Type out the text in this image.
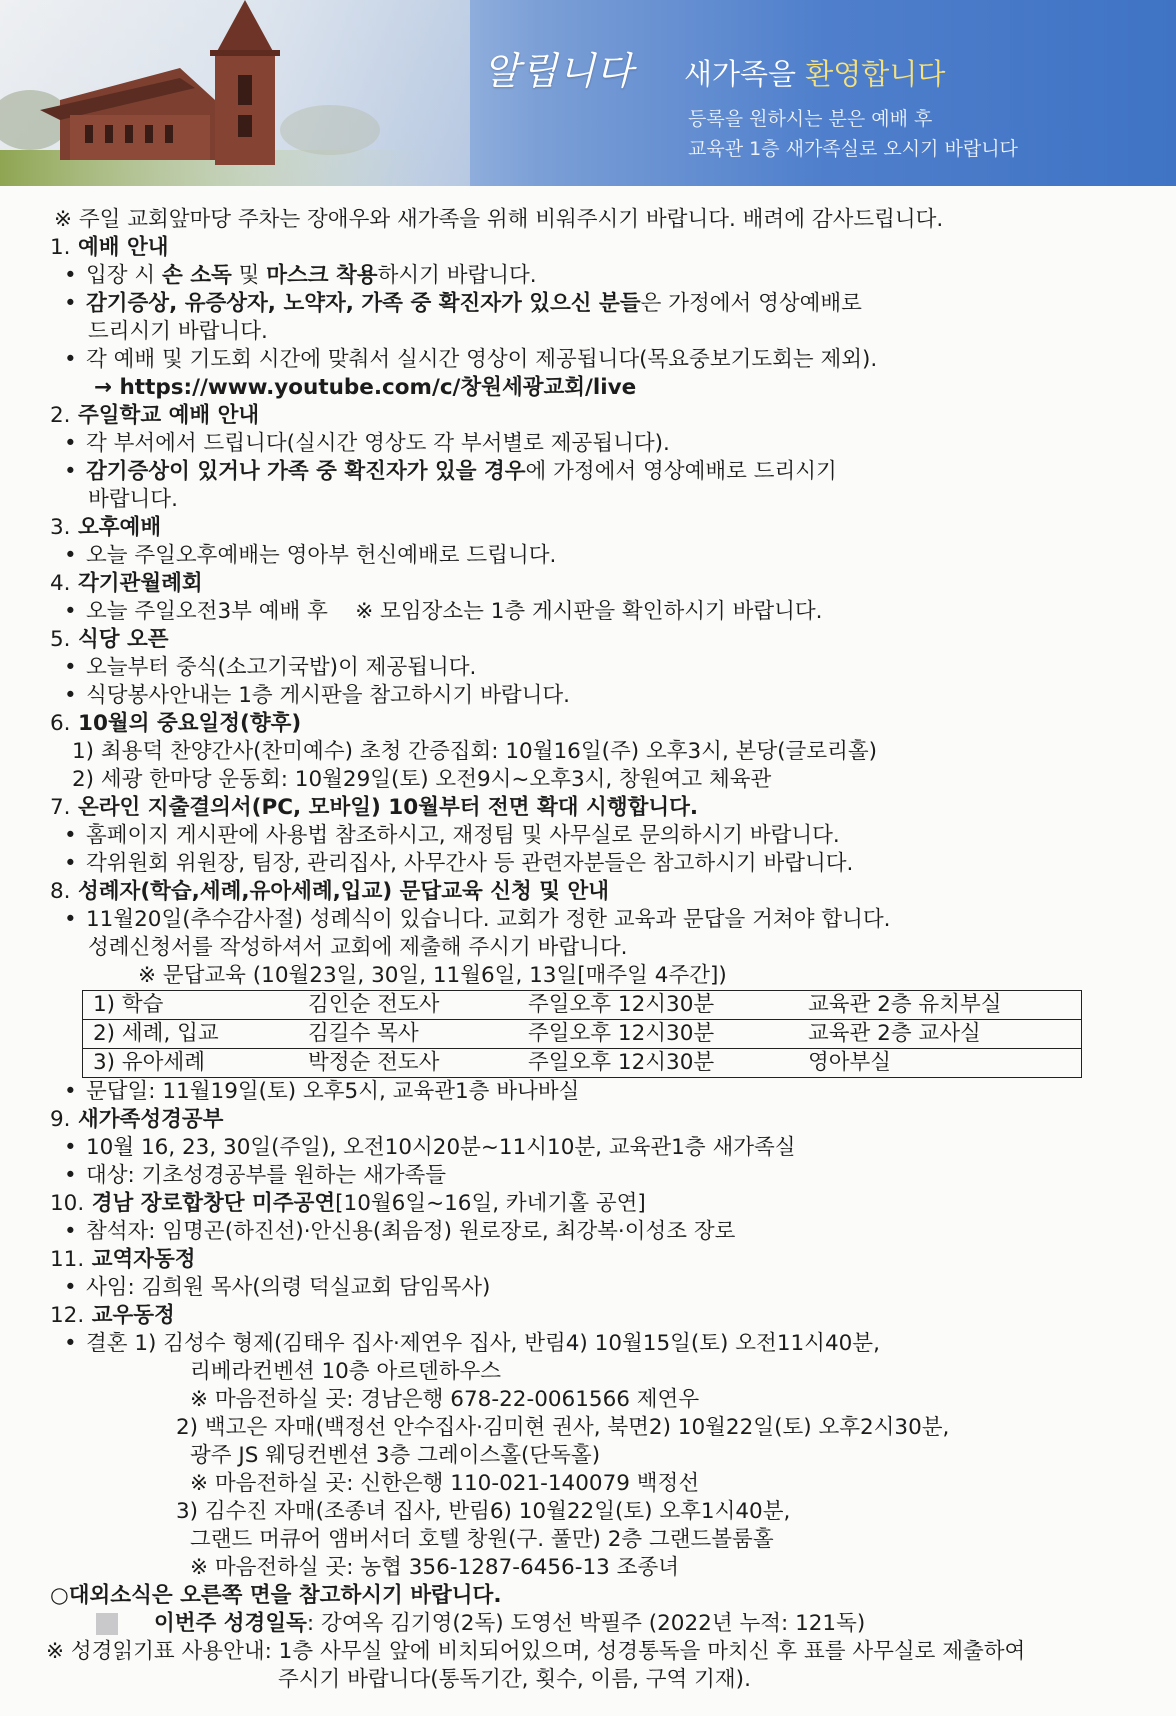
알립니다 새가족을 환영합니다
등록을 원하시는 분은 예배 후
교육관 1층 새가족실로 오시기 바랍니다
※ 주일 교회앞마당 주차는 장애우와 새가족을 위해 비워주시기 바랍니다. 배려에 감사드립니다.
1. 예배 안내
• 입장 시 손 소독 및 마스크 착용하시기 바랍니다.
• 감기증상, 유증상자, 노약자, 가족 중 확진자가 있으신 분들은 가정에서 영상예배로
드리시기 바랍니다.
• 각 예배 및 기도회 시간에 맞춰서 실시간 영상이 제공됩니다(목요중보기도회는 제외).
→ https://www.youtube.com/c/창원세광교회/live
2. 주일학교 예배 안내
• 각 부서에서 드립니다(실시간 영상도 각 부서별로 제공됩니다).
• 감기증상이 있거나 가족 중 확진자가 있을 경우에 가정에서 영상예배로 드리시기
바랍니다.
3. 오후예배
• 오늘 주일오후예배는 영아부 헌신예배로 드립니다.
4. 각기관월례회
• 오늘 주일오전3부 예배 후    ※ 모임장소는 1층 게시판을 확인하시기 바랍니다.
5. 식당 오픈
• 오늘부터 중식(소고기국밥)이 제공됩니다.
• 식당봉사안내는 1층 게시판을 참고하시기 바랍니다.
6. 10월의 중요일정(향후)
1) 최용덕 찬양간사(찬미예수) 초청 간증집회: 10월16일(주) 오후3시, 본당(글로리홀)
2) 세광 한마당 운동회: 10월29일(토) 오전9시~오후3시, 창원여고 체육관
7. 온라인 지출결의서(PC, 모바일) 10월부터 전면 확대 시행합니다.
• 홈페이지 게시판에 사용법 참조하시고, 재정팀 및 사무실로 문의하시기 바랍니다.
• 각위원회 위원장, 팀장, 관리집사, 사무간사 등 관련자분들은 참고하시기 바랍니다.
8. 성례자(학습,세례,유아세례,입교) 문답교육 신청 및 안내
• 11월20일(추수감사절) 성례식이 있습니다. 교회가 정한 교육과 문답을 거쳐야 합니다.
성례신청서를 작성하셔서 교회에 제출해 주시기 바랍니다.
※ 문답교육 (10월23일, 30일, 11월6일, 13일[매주일 4주간])
1) 학습	김인순 전도사	주일오후 12시30분	교육관 2층 유치부실
2) 세례, 입교	김길수 목사	주일오후 12시30분	교육관 2층 교사실
3) 유아세례	박정순 전도사	주일오후 12시30분	영아부실
• 문답일: 11월19일(토) 오후5시, 교육관1층 바나바실
9. 새가족성경공부
• 10월 16, 23, 30일(주일), 오전10시20분~11시10분, 교육관1층 새가족실
• 대상: 기초성경공부를 원하는 새가족들
10. 경남 장로합창단 미주공연[10월6일~16일, 카네기홀 공연]
• 참석자: 임명곤(하진선)·안신용(최음정) 원로장로, 최강복·이성조 장로
11. 교역자동정
• 사임: 김희원 목사(의령 덕실교회 담임목사)
12. 교우동정
• 결혼 1) 김성수 형제(김태우 집사·제연우 집사, 반림4) 10월15일(토) 오전11시40분,
리베라컨벤션 10층 아르덴하우스
※ 마음전하실 곳: 경남은행 678-22-0061566 제연우
2) 백고은 자매(백정선 안수집사·김미현 권사, 북면2) 10월22일(토) 오후2시30분,
광주 JS 웨딩컨벤션 3층 그레이스홀(단독홀)
※ 마음전하실 곳: 신한은행 110-021-140079 백정선
3) 김수진 자매(조종녀 집사, 반림6) 10월22일(토) 오후1시40분,
그랜드 머큐어 앰버서더 호텔 창원(구. 풀만) 2층 그랜드볼룸홀
※ 마음전하실 곳: 농협 356-1287-6456-13 조종녀
○대외소식은 오른쪽 면을 참고하시기 바랍니다.
이번주 성경일독: 강여옥 김기영(2독) 도영선 박필주 (2022년 누적: 121독)
※ 성경읽기표 사용안내: 1층 사무실 앞에 비치되어있으며, 성경통독을 마치신 후 표를 사무실로 제출하여
주시기 바랍니다(통독기간, 횟수, 이름, 구역 기재).
